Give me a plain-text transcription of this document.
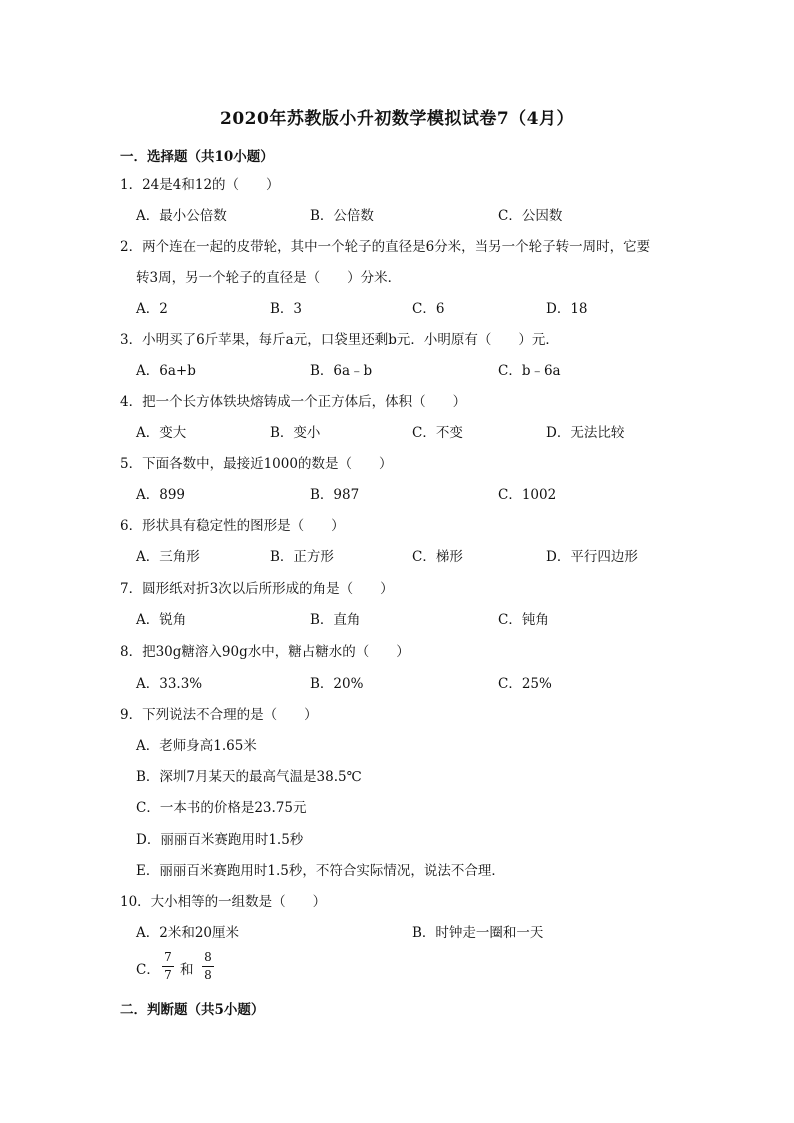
2020年苏教版小升初数学模拟试卷7（4月）
一．选择题（共10小题）
1．24是4和12的（　　）
A．最小公倍数	B．公倍数	C．公因数
2．两个连在一起的皮带轮，其中一个轮子的直径是6分米，当另一个轮子转一周时，它要
转3周，另一个轮子的直径是（　　）分米．
A．2	B．3	C．6	D．18
3．小明买了6斤苹果，每斤a元，口袋里还剩b元．小明原有（　　）元．
A．6a+b	B．6a﹣b	C．b﹣6a
4．把一个长方体铁块熔铸成一个正方体后，体积（　　）
A．变大	B．变小	C．不变	D．无法比较
5．下面各数中，最接近1000的数是（　　）
A．899	B．987	C．1002
6．形状具有稳定性的图形是（　　）
A．三角形	B．正方形	C．梯形	D．平行四边形
7．圆形纸对折3次以后所形成的角是（　　）
A．锐角	B．直角	C．钝角
8．把30g糖溶入90g水中，糖占糖水的（　　）
A．33.3%	B．20%	C．25%
9．下列说法不合理的是（　　）
A．老师身高1.65米
B．深圳7月某天的最高气温是38.5℃
C．一本书的价格是23.75元
D．丽丽百米赛跑用时1.5秒
E．丽丽百米赛跑用时1.5秒，不符合实际情况，说法不合理．
10．大小相等的一组数是（　　）
A．2米和20厘米	B．时钟走一圈和一天
C．
7
7 和
8
8
二．判断题（共5小题）
